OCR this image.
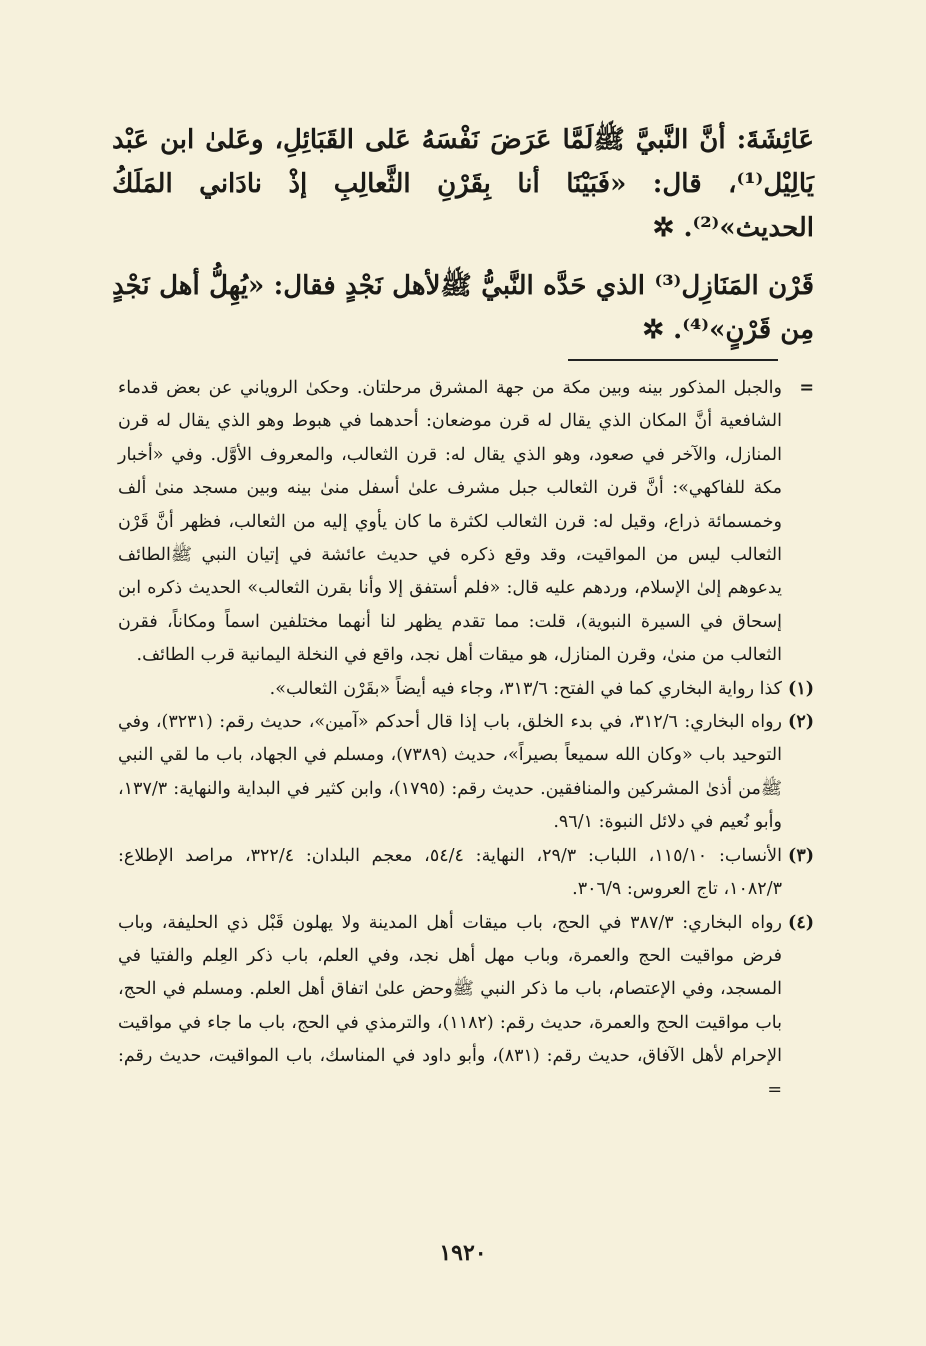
عَائِشَةَ: أنَّ النَّبيَّ ﷺلَمَّا عَرَضَ نَفْسَهُ عَلى القَبَائِلِ، وعَلىٰ ابن عَبْد يَالِيْل⁽¹⁾، قال: «فَبَيْنَا أنا بِقَرْنِ الثَّعالِبِ إذْ نادَاني المَلَكُ الحديث»⁽²⁾. ✲

قَرْن المَنَازِل⁽³⁾ الذي حَدَّه النَّبيُّ ﷺلأهل نَجْدٍ فقال: «يُهِلُّ أهل نَجْدٍ مِن قَرْنٍ»⁽⁴⁾. ✲

=
والجبل المذكور بينه وبين مكة من جهة المشرق مرحلتان. وحكىٰ الروياني عن بعض قدماء الشافعية أنَّ المكان الذي يقال له قرن موضعان: أحدهما في هبوط وهو الذي يقال له قرن المنازل، والآخر في صعود، وهو الذي يقال له: قرن الثعالب، والمعروف الأوَّل. وفي «أخبار مكة للفاكهي»: أنَّ قرن الثعالب جبل مشرف علىٰ أسفل منىٰ بينه وبين مسجد منىٰ ألف وخمسمائة ذراع، وقيل له: قرن الثعالب لكثرة ما كان يأوي إليه من الثعالب، فظهر أنَّ قَرْن الثعالب ليس من المواقيت، وقد وقع ذكره في حديث عائشة في إتيان النبي ﷺالطائف يدعوهم إلىٰ الإسلام، وردهم عليه قال: «فلم أستفق إلا وأنا بقرن الثعالب» الحديث ذكره ابن إسحاق في السيرة النبوية)، قلت: مما تقدم يظهر لنا أنهما مختلفين اسماً ومكاناً، فقرن الثعالب من منىٰ، وقرن المنازل، هو ميقات أهل نجد، واقع في النخلة اليمانية قرب الطائف.

(١)
كذا رواية البخاري كما في الفتح: ٣١٣/٦، وجاء فيه أيضاً «بقَرْن الثعالب».

(٢)
رواه البخاري: ٣١٢/٦، في بدء الخلق، باب إذا قال أحدكم «آمين»، حديث رقم: (٣٢٣١)، وفي التوحيد باب «وكان الله سميعاً بصيراً»، حديث (٧٣٨٩)، ومسلم في الجهاد، باب ما لقي النبي ﷺمن أذىٰ المشركين والمنافقين. حديث رقم: (١٧٩٥)، وابن كثير في البداية والنهاية: ١٣٧/٣، وأبو نُعيم في دلائل النبوة: ٩٦/١.

(٣)
الأنساب: ١١٥/١٠، اللباب: ٢٩/٣، النهاية: ٥٤/٤، معجم البلدان: ٣٢٢/٤، مراصد الإطلاع: ١٠٨٢/٣، تاج العروس: ٣٠٦/٩.

(٤)
رواه البخاري: ٣٨٧/٣ في الحج، باب ميقات أهل المدينة ولا يهلون قَبْل ذي الحليفة، وباب فرض مواقيت الحج والعمرة، وباب مهل أهل نجد، وفي العلم، باب ذكر العِلم والفتيا في المسجد، وفي الإعتصام، باب ما ذكر النبي ﷺوحض علىٰ اتفاق أهل العلم. ومسلم في الحج، باب مواقيت الحج والعمرة، حديث رقم: (١١٨٢)، والترمذي في الحج، باب ما جاء في مواقيت الإحرام لأهل الآفاق، حديث رقم: (٨٣١)، وأبو داود في المناسك، باب المواقيت، حديث رقم: =

١٩٢٠
